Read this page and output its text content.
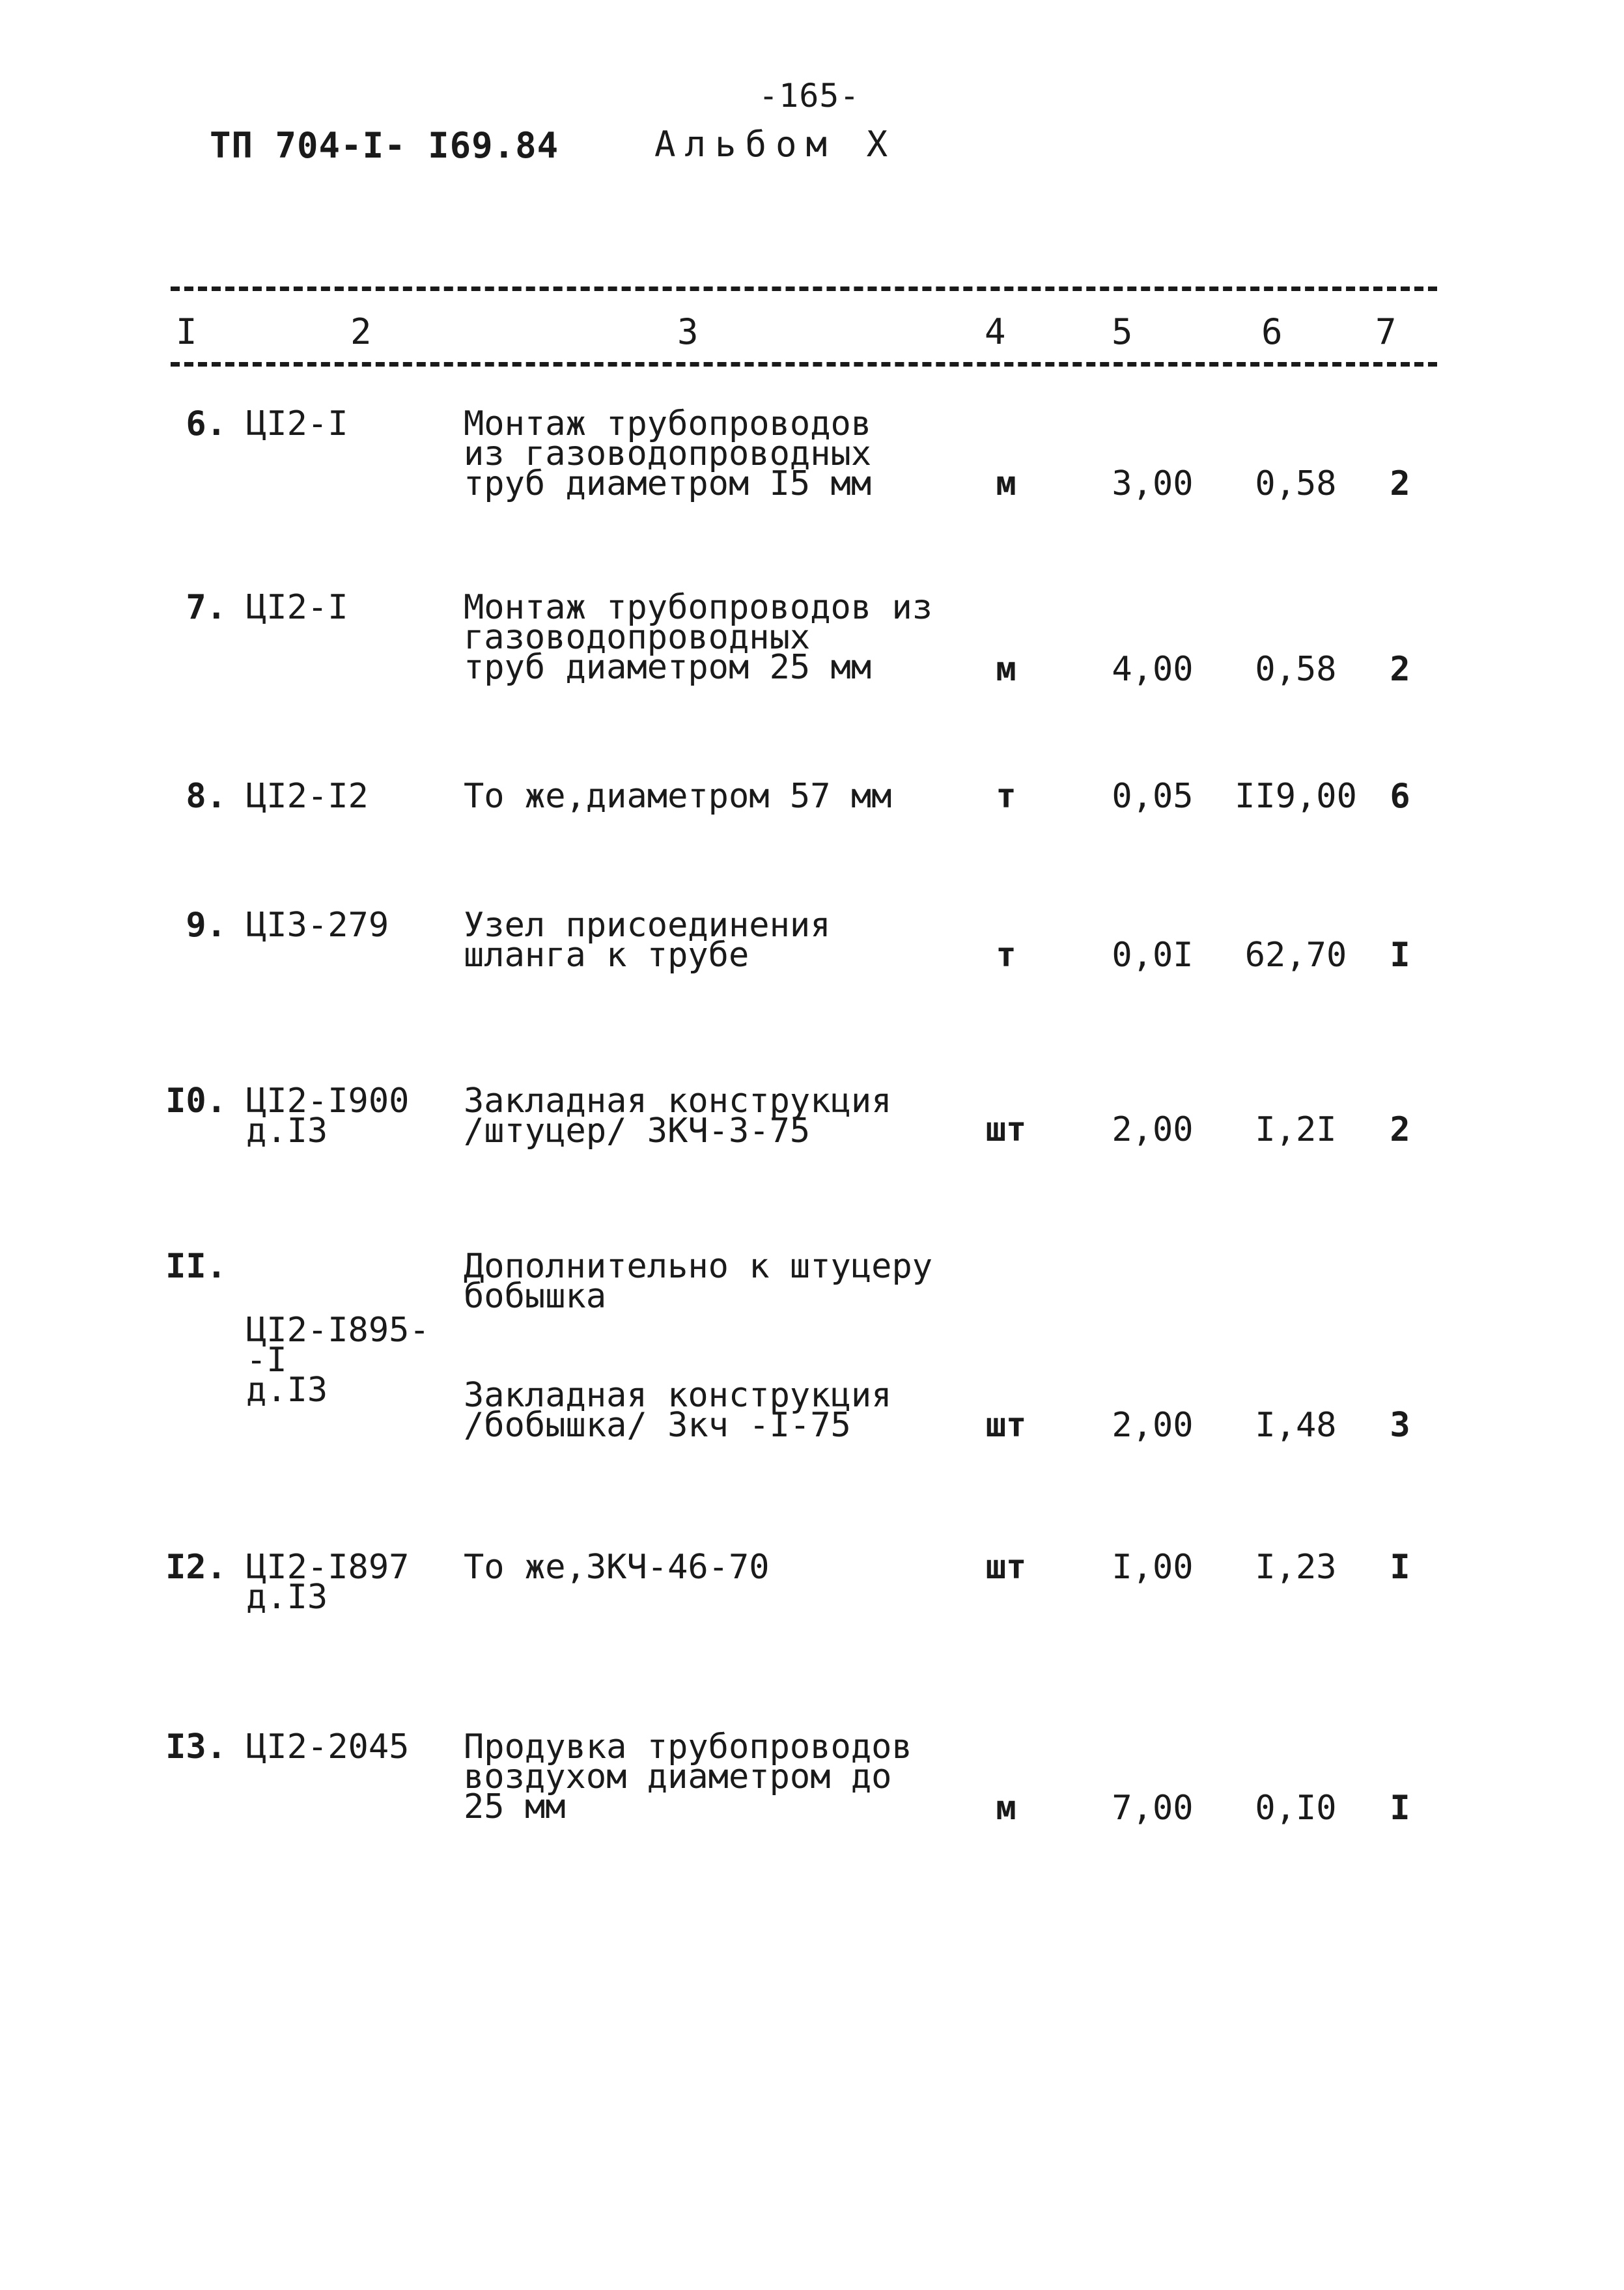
-165-
ТП 704-I- I69.84	Альбом X
I	2	3	4	5	6	7
6. ЦI2-I	Монтаж трубопроводов
из газоводопроводных
труб диаметром I5 мм	м	3,00	0,58	2
7. ЦI2-I	Монтаж трубопроводов из
газоводопроводных
труб диаметром 25 мм	м	4,00	0,58	2
8. ЦI2-I2	То же,диаметром 57 мм	т	0,05	II9,00 6
9. ЦI3-279	Узел присоединения
шланга к трубе	т	0,0I	62,70	I
I0. ЦI2-I900
д.I3
Закладная конструкция
/штуцер/ ЗКЧ-3-75	шт	2,00	I,2I	2
II.	Дополнительно к штуцеру
бобышка
ЦI2-I895-
-I
д.I3	Закладная конструкция
/бобышка/ Зкч -I-75	шт	2,00	I,48	3
I2. ЦI2-I897
д.I3
То же,ЗКЧ-46-70	шт	I,00	I,23	I
I3. ЦI2-2045	Продувка трубопроводов
воздухом диаметром до
25 мм	м	7,00	0,I0	I
